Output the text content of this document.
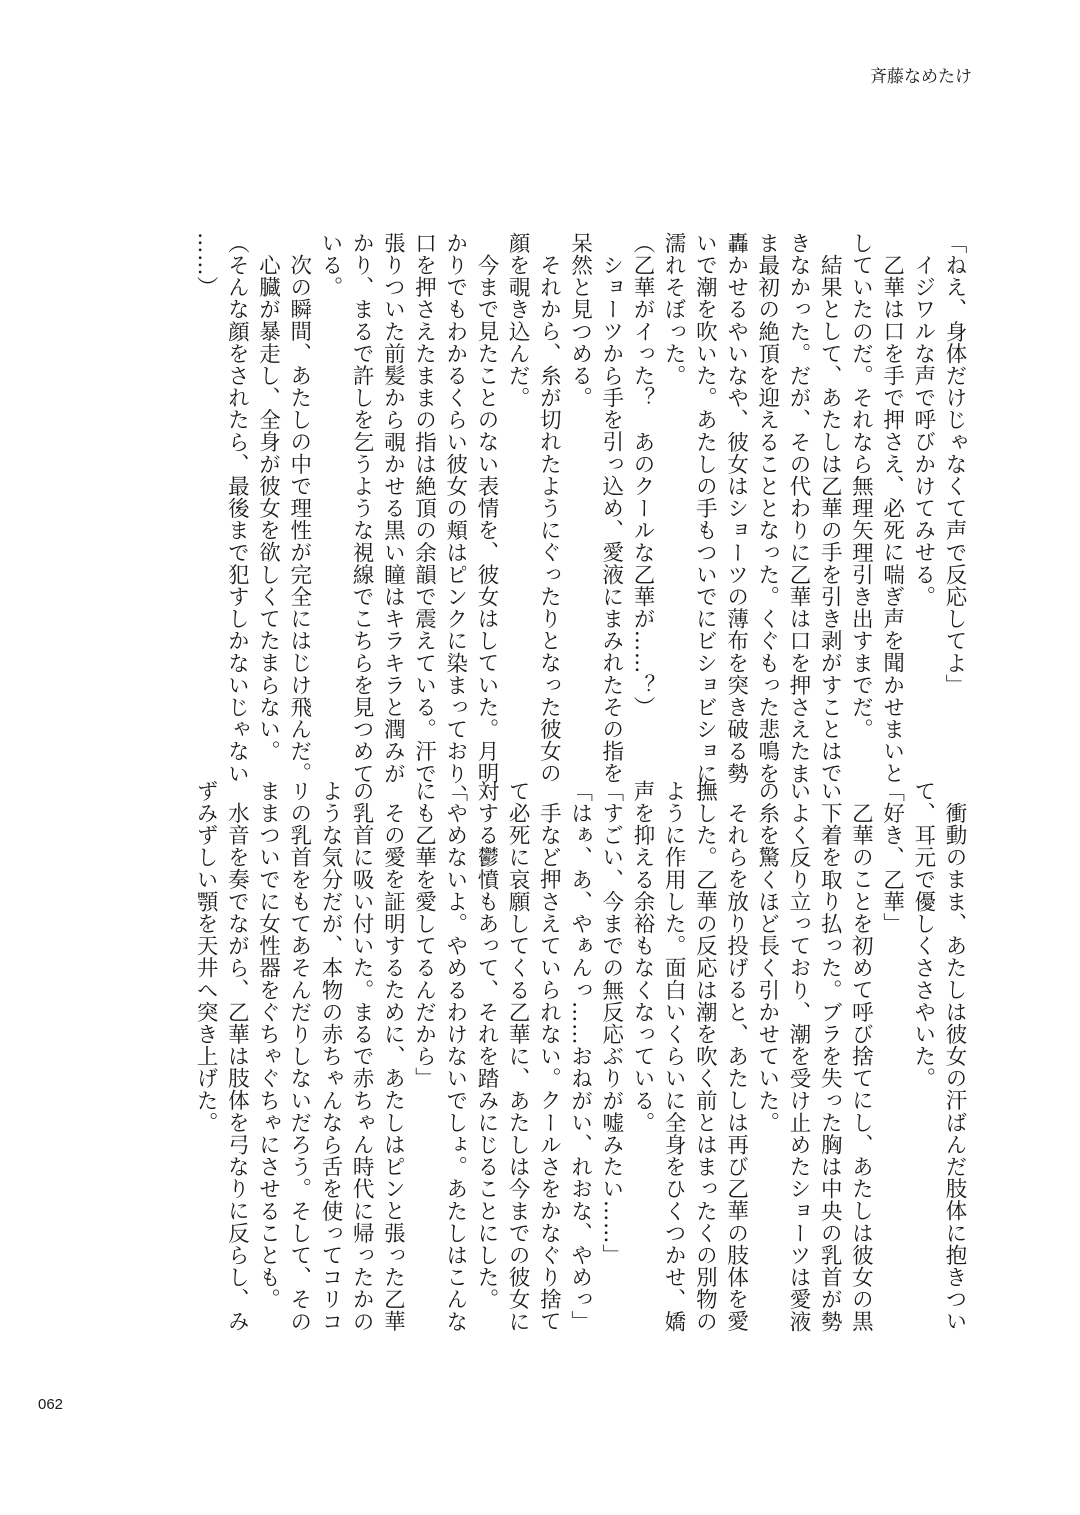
斉藤なめたけ
「ねえ、身体だけじゃなくて声で反応してよ」
イジワルな声で呼びかけてみせる。
乙華は口を手で押さえ、必死に喘ぎ声を聞かせまいと
していたのだ。それなら無理矢理引き出すまでだ。
結果として、あたしは乙華の手を引き剥がすことはで
きなかった。だが、その代わりに乙華は口を押さえたま
ま最初の絶頂を迎えることとなった。くぐもった悲鳴を
轟かせるやいなや、彼女はショーツの薄布を突き破る勢
いで潮を吹いた。あたしの手もついでにビショビショに
濡れそぼった。
（乙華がイった？　あのクールな乙華が……？）
ショーツから手を引っ込め、愛液にまみれたその指を
呆然と見つめる。
それから、糸が切れたようにぐったりとなった彼女の
顔を覗き込んだ。
今まで見たことのない表情を、彼女はしていた。月明
かりでもわかるくらい彼女の頬はピンクに染まっており、
口を押さえたままの指は絶頂の余韻で震えている。汗で
張りついた前髪から覗かせる黒い瞳はキラキラと潤みが
かり、まるで許しを乞うような視線でこちらを見つめて
いる。
次の瞬間、あたしの中で理性が完全にはじけ飛んだ。
心臓が暴走し、全身が彼女を欲しくてたまらない。
（そんな顔をされたら、最後まで犯すしかないじゃない
……）
衝動のまま、あたしは彼女の汗ばんだ肢体に抱きつい
て、耳元で優しくささやいた。
「好き、乙華」
乙華のことを初めて呼び捨てにし、あたしは彼女の黒
い下着を取り払った。ブラを失った胸は中央の乳首が勢
いよく反り立っており、潮を受け止めたショーツは愛液
の糸を驚くほど長く引かせていた。
それらを放り投げると、あたしは再び乙華の肢体を愛
撫した。乙華の反応は潮を吹く前とはまったくの別物の
ように作用した。面白いくらいに全身をひくつかせ、嬌
声を抑える余裕もなくなっている。
「すごい、今までの無反応ぶりが嘘みたい……」
「はぁ、あ、やぁんっ……おねがい、れおな、やめっ」
手など押さえていられない。クールさをかなぐり捨て
て必死に哀願してくる乙華に、あたしは今までの彼女に
対する鬱憤もあって、それを踏みにじることにした。
「やめないよ。やめるわけないでしょ。あたしはこんな
にも乙華を愛してるんだから」
その愛を証明するために、あたしはピンと張った乙華
の乳首に吸い付いた。まるで赤ちゃん時代に帰ったかの
ような気分だが、本物の赤ちゃんなら舌を使ってコリコ
リの乳首をもてあそんだりしないだろう。そして、その
ままついでに女性器をぐちゃぐちゃにさせることも。
水音を奏でながら、乙華は肢体を弓なりに反らし、み
ずみずしい顎を天井へ突き上げた。
062
